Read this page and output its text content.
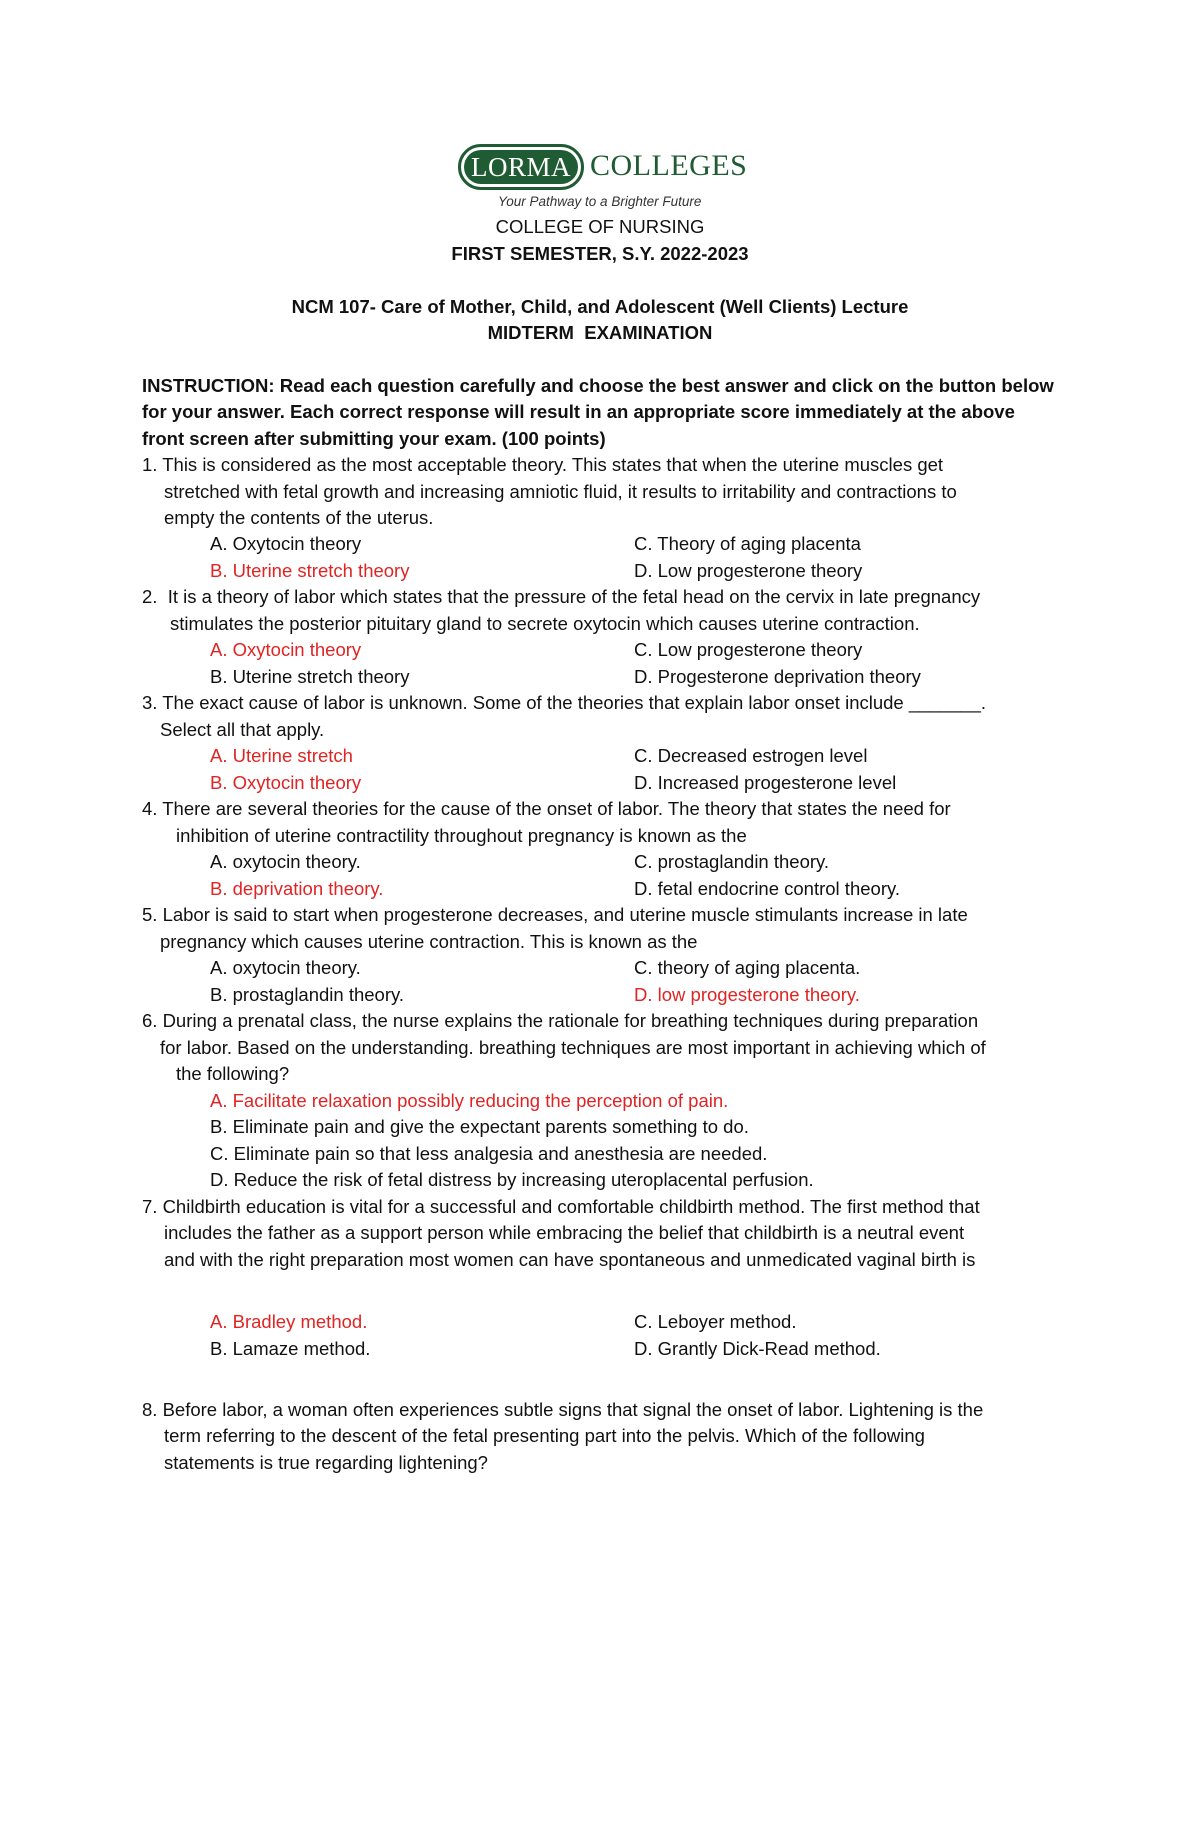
LORMA COLLEGES
Your Pathway to a Brighter Future
COLLEGE OF NURSING
FIRST SEMESTER, S.Y. 2022-2023
NCM 107- Care of Mother, Child, and Adolescent (Well Clients) Lecture
MIDTERM  EXAMINATION
INSTRUCTION: Read each question carefully and choose the best answer and click on the button below
for your answer. Each correct response will result in an appropriate score immediately at the above
front screen after submitting your exam. (100 points)
1. This is considered as the most acceptable theory. This states that when the uterine muscles get
stretched with fetal growth and increasing amniotic fluid, it results to irritability and contractions to
empty the contents of the uterus.
A. Oxytocin theory	C. Theory of aging placenta
B. Uterine stretch theory	D. Low progesterone theory
2.  It is a theory of labor which states that the pressure of the fetal head on the cervix in late pregnancy
stimulates the posterior pituitary gland to secrete oxytocin which causes uterine contraction.
A. Oxytocin theory	C. Low progesterone theory
B. Uterine stretch theory	D. Progesterone deprivation theory
3. The exact cause of labor is unknown. Some of the theories that explain labor onset include _______.
Select all that apply.
A. Uterine stretch	C. Decreased estrogen level
B. Oxytocin theory	D. Increased progesterone level
4. There are several theories for the cause of the onset of labor. The theory that states the need for
inhibition of uterine contractility throughout pregnancy is known as the
A. oxytocin theory.	C. prostaglandin theory.
B. deprivation theory.	D. fetal endocrine control theory.
5. Labor is said to start when progesterone decreases, and uterine muscle stimulants increase in late
pregnancy which causes uterine contraction. This is known as the
A. oxytocin theory.	C. theory of aging placenta.
B. prostaglandin theory.	D. low progesterone theory.
6. During a prenatal class, the nurse explains the rationale for breathing techniques during preparation
for labor. Based on the understanding. breathing techniques are most important in achieving which of
the following?
A. Facilitate relaxation possibly reducing the perception of pain.
B. Eliminate pain and give the expectant parents something to do.
C. Eliminate pain so that less analgesia and anesthesia are needed.
D. Reduce the risk of fetal distress by increasing uteroplacental perfusion.
7. Childbirth education is vital for a successful and comfortable childbirth method. The first method that
includes the father as a support person while embracing the belief that childbirth is a neutral event
and with the right preparation most women can have spontaneous and unmedicated vaginal birth is
A. Bradley method.	C. Leboyer method.
B. Lamaze method.	D. Grantly Dick-Read method.
8. Before labor, a woman often experiences subtle signs that signal the onset of labor. Lightening is the
term referring to the descent of the fetal presenting part into the pelvis. Which of the following
statements is true regarding lightening?
